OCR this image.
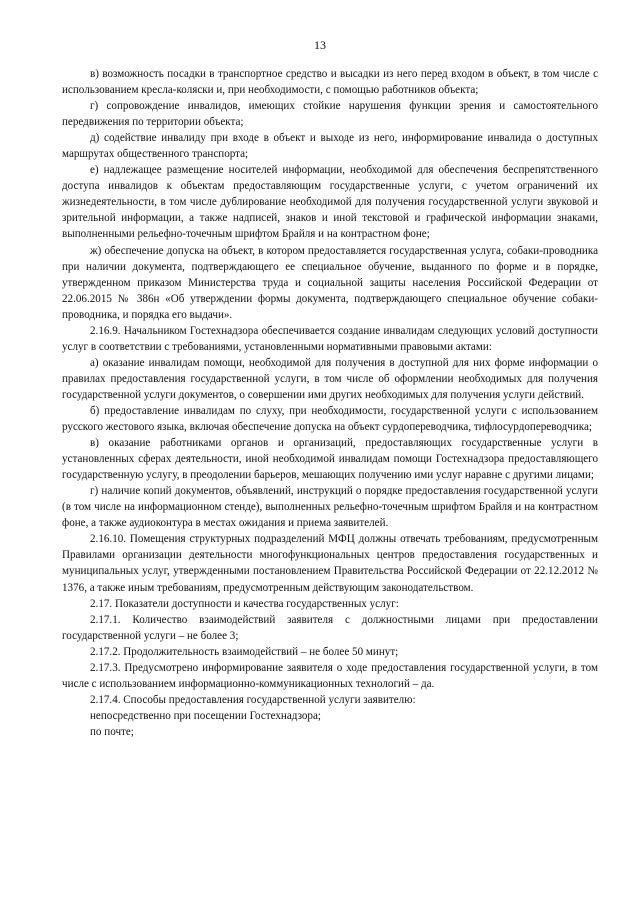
13

в) возможность посадки в транспортное средство и высадки из него перед входом в объект, в том числе с использованием кресла-коляски и, при необходимости, с помощью работников объекта;

г) сопровождение инвалидов, имеющих стойкие нарушения функции зрения и самостоятельного передвижения по территории объекта;

д) содействие инвалиду при входе в объект и выходе из него, информирование инвалида о доступных маршрутах общественного транспорта;

е) надлежащее размещение носителей информации, необходимой для обеспечения беспрепятственного доступа инвалидов к объектам предоставляющим государственные услуги, с учетом ограничений их жизнедеятельности, в том числе дублирование необходимой для получения государственной услуги звуковой и зрительной информации, а также надписей, знаков и иной текстовой и графической информации знаками, выполненными рельефно-точечным шрифтом Брайля и на контрастном фоне;

ж) обеспечение допуска на объект, в котором предоставляется государственная услуга, собаки-проводника при наличии документа, подтверждающего ее специальное обучение, выданного по форме и в порядке, утвержденном приказом Министерства труда и социальной защиты населения Российской Федерации от 22.06.2015 № 386н «Об утверждении формы документа, подтверждающего специальное обучение собаки-проводника, и порядка его выдачи».

2.16.9. Начальником Гостехнадзора обеспечивается создание инвалидам следующих условий доступности услуг в соответствии с требованиями, установленными нормативными правовыми актами:

а) оказание инвалидам помощи, необходимой для получения в доступной для них форме информации о правилах предоставления государственной услуги, в том числе об оформлении необходимых для получения государственной услуги документов, о совершении ими других необходимых для получения услуги действий.

б) предоставление инвалидам по слуху, при необходимости, государственной услуги с использованием русского жестового языка, включая обеспечение допуска на объект сурдопереводчика, тифлосурдопереводчика;

в) оказание работниками органов и организаций, предоставляющих государственные услуги в установленных сферах деятельности, иной необходимой инвалидам помощи Гостехнадзора предоставляющего государственную услугу, в преодолении барьеров, мешающих получению ими услуг наравне с другими лицами;

г) наличие копий документов, объявлений, инструкций о порядке предоставления государственной услуги (в том числе на информационном стенде), выполненных рельефно-точечным шрифтом Брайля и на контрастном фоне, а также аудиоконтура в местах ожидания и приема заявителей.

2.16.10. Помещения структурных подразделений МФЦ должны отвечать требованиям, предусмотренным Правилами организации деятельности многофункциональных центров предоставления государственных и муниципальных услуг, утвержденными постановлением Правительства Российской Федерации от 22.12.2012 № 1376, а также иным требованиям, предусмотренным действующим законодательством.

2.17. Показатели доступности и качества государственных услуг:

2.17.1. Количество взаимодействий заявителя с должностными лицами при предоставлении государственной услуги – не более 3;

2.17.2. Продолжительность взаимодействий – не более 50 минут;

2.17.3. Предусмотрено информирование заявителя о ходе предоставления государственной услуги, в том числе с использованием информационно-коммуникационных технологий – да.

2.17.4. Способы предоставления государственной услуги заявителю:

непосредственно при посещении Гостехнадзора;

по почте;
